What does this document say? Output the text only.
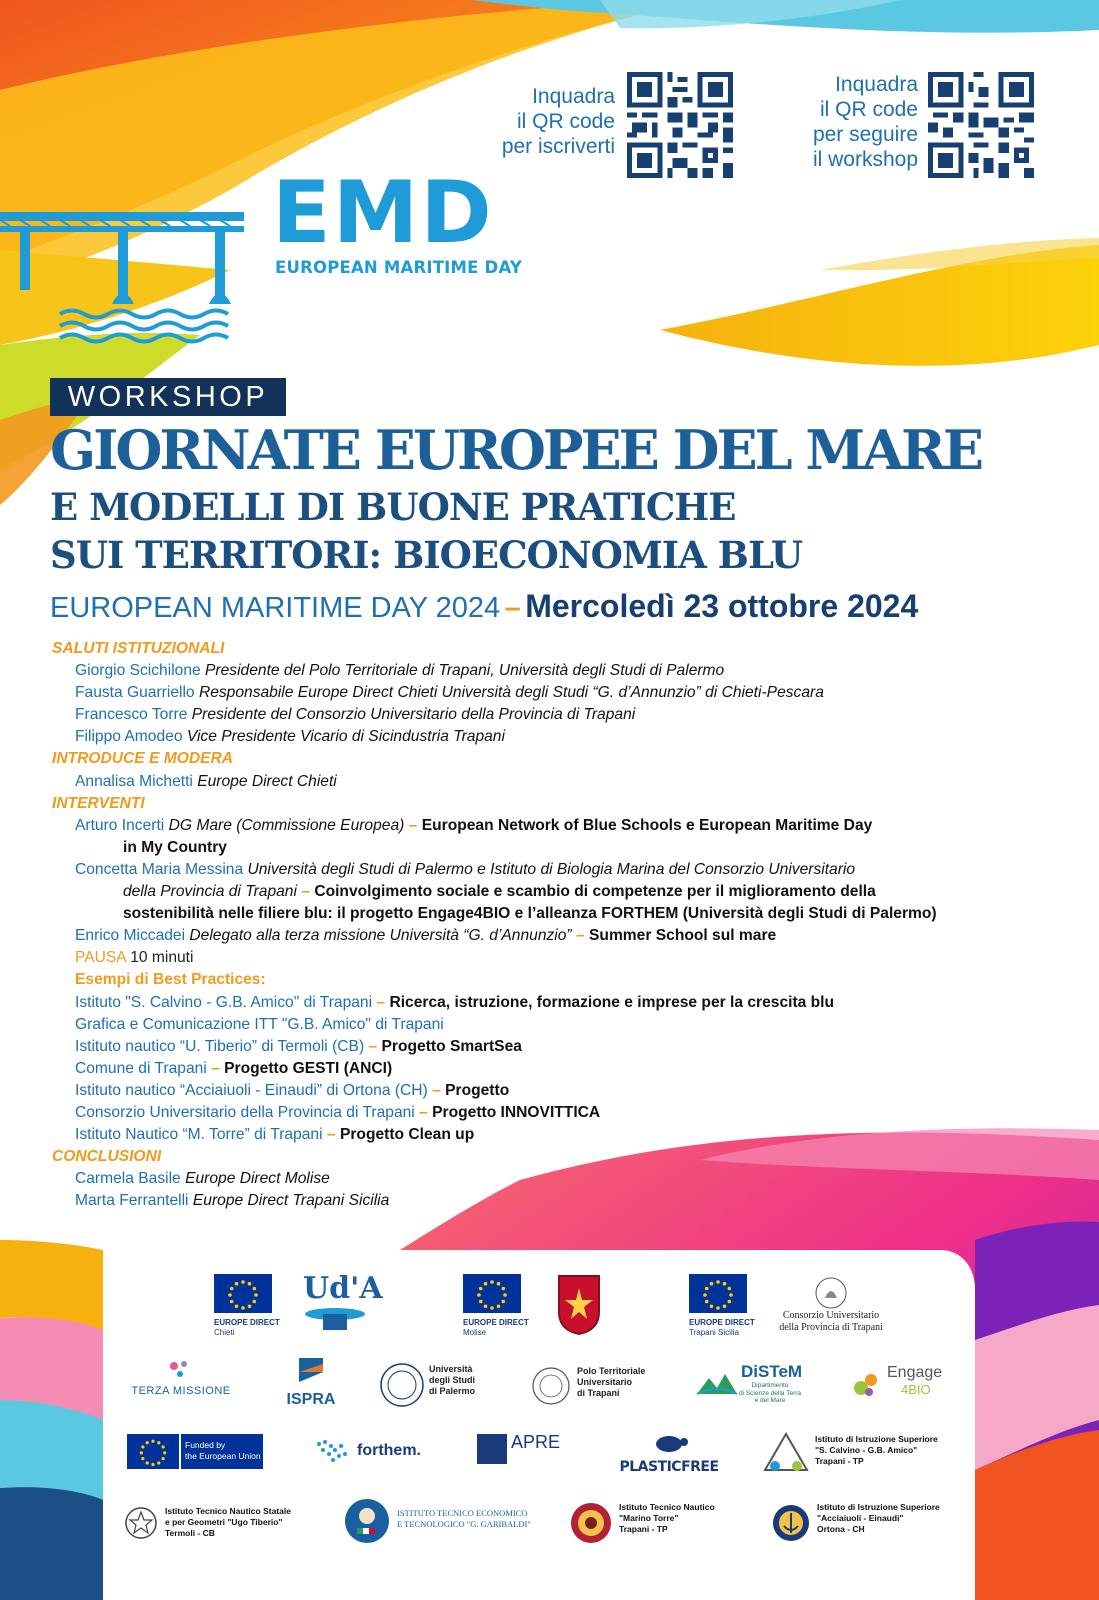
EMD
EUROPEAN MARITIME DAY
Inquadra
il QR code
per iscriverti
Inquadra
il QR code
per seguire
il workshop
WORKSHOP
GIORNATE EUROPEE DEL MARE
E MODELLI DI BUONE PRATICHE
SUI TERRITORI: BIOECONOMIA BLU
EUROPEAN MARITIME DAY 2024 – Mercoledì 23 ottobre 2024
SALUTI ISTITUZIONALI
Giorgio Scichilone Presidente del Polo Territoriale di Trapani, Università degli Studi di Palermo
Fausta Guarriello Responsabile Europe Direct Chieti Università degli Studi “G. d’Annunzio” di Chieti-Pescara
Francesco Torre Presidente del Consorzio Universitario della Provincia di Trapani
Filippo Amodeo Vice Presidente Vicario di Sicindustria Trapani
INTRODUCE E MODERA
Annalisa Michetti Europe Direct Chieti
INTERVENTI
Arturo Incerti DG Mare (Commissione Europea) – European Network of Blue Schools e European Maritime Day
in My Country
Concetta Maria Messina Università degli Studi di Palermo e Istituto di Biologia Marina del Consorzio Universitario
della Provincia di Trapani – Coinvolgimento sociale e scambio di competenze per il miglioramento della
sostenibilità nelle filiere blu: il progetto Engage4BIO e l’alleanza FORTHEM (Università degli Studi di Palermo)
Enrico Miccadei Delegato alla terza missione Università “G. d’Annunzio” – Summer School sul mare
PAUSA 10 minuti
Esempi di Best Practices:
Istituto "S. Calvino - G.B. Amico" di Trapani – Ricerca, istruzione, formazione e imprese per la crescita blu
Grafica e Comunicazione ITT "G.B. Amico" di Trapani
Istituto nautico “U. Tiberio” di Termoli (CB) – Progetto SmartSea
Comune di Trapani – Progetto GESTI (ANCI)
Istituto nautico “Acciaiuoli - Einaudi” di Ortona (CH) – Progetto
Consorzio Universitario della Provincia di Trapani – Progetto INNOVITTICA
Istituto Nautico “M. Torre” di Trapani – Progetto Clean up
CONCLUSIONI
Carmela Basile Europe Direct Molise
Marta Ferrantelli Europe Direct Trapani Sicilia
EUROPE DIRECT
Chieti
Ud'A
EUROPE DIRECT
Molise
EUROPE DIRECT
Trapani Sicilia
Consorzio Universitario
della Provincia di Trapani
TERZA MISSIONE	ISPRA
Università
degli Studi
di Palermo
Polo Territoriale
Universitario
di Trapani
DiSTeM
Dipartimento
di Scienze della Terra
e del Mare
Engage
4BIO
Funded by
the European Union	forthem.	APRE
PLASTICFREE
Istituto di Istruzione Superiore
"S. Calvino - G.B. Amico"
Trapani - TP
Istituto Tecnico Nautico Statale
e per Geometri "Ugo Tiberio"
Termoli - CB
ISTITUTO TECNICO ECONOMICO
E TECNOLOGICO "G. GARIBALDI"
Istituto Tecnico Nautico
"Marino Torre"
Trapani - TP
Istituto di Istruzione Superiore
"Acciaiuoli - Einaudi"
Ortona - CH
